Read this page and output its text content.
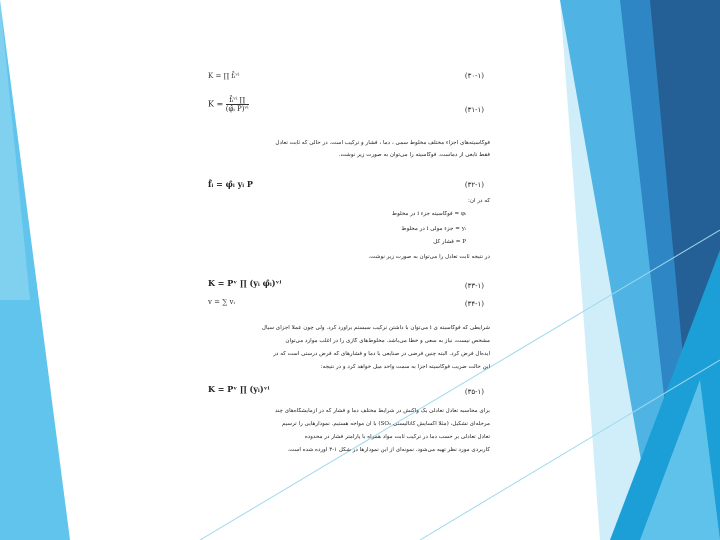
(۳۰-۱)
K = ∏ f̂ᵢᵛⁱ
(۳۱-۱)
$K = \frac{\text{f̂ᵢᵛⁱ ∏}}{\text{(φ̂ᵢ P)ᵛⁱ}}$
فوگاسیته‌های اجزاء مختلف مخلوط سمی ، دما ، فشار و ترکیب است. در حالی که ثابت تعادل
فقط تابعی از دماست. فوگاسیته را می‌توان به صورت زیر نوشت.
(۳۲-۱)
f̂ᵢ = φ̂ᵢ yᵢ P
که در آن:
φᵢ = فوگاسیته جزء i در مخلوط
yᵢ = جزء مولی i در مخلوط
P = فشار کل
در نتیجه ثابت تعادل را می‌توان به صورت زیر نوشت.
(۳۳-۱)
K = Pᵛ ∏ (yᵢ φ̂ᵢ)ᵛⁱ
(۳۴-۱)
v = ∑ vᵢ
شرایطی که فوگاسیته ی i می‌توان با داشتن ترکیب سیستم برآورد کرد. ولی چون عملاً اجزای سیال
مشخص نیست، نیاز به سعی و خطا می‌باشد. مخلوط‌های گازی را در اغلب موارد می‌توان
ایده‌آل فرض کرد. البته چنین فرضی در صنایعی با دما و فشارهای که فرض درستی است که در
این حالت ضریب فوگاسیته اجزا به سمت واحد میل خواهد کرد و در نتیجه:
(۳۵-۱)
K = Pᵛ ∏ (yᵢ)ᵛⁱ
برای محاسبه تعادل تعادلی یک واکنش در شرایط مختلف دما و فشار که در آزمایشگاه‌های چند
مرحله‌ای تشکیل، (مثلاً اکسایش کاتالیستی SO₂) با آن مواجه هستیم. نمودارهایی را ترسیم
تعادل تعادلی بر حسب دما در ترکیب ثابت مواد همراه با پارامتر فشار در محدوده
کاربردی مورد نظر تهیه می‌شود. نمونه‌ای از این نمودارها در شکل ۱-۳ آورده شده است.
